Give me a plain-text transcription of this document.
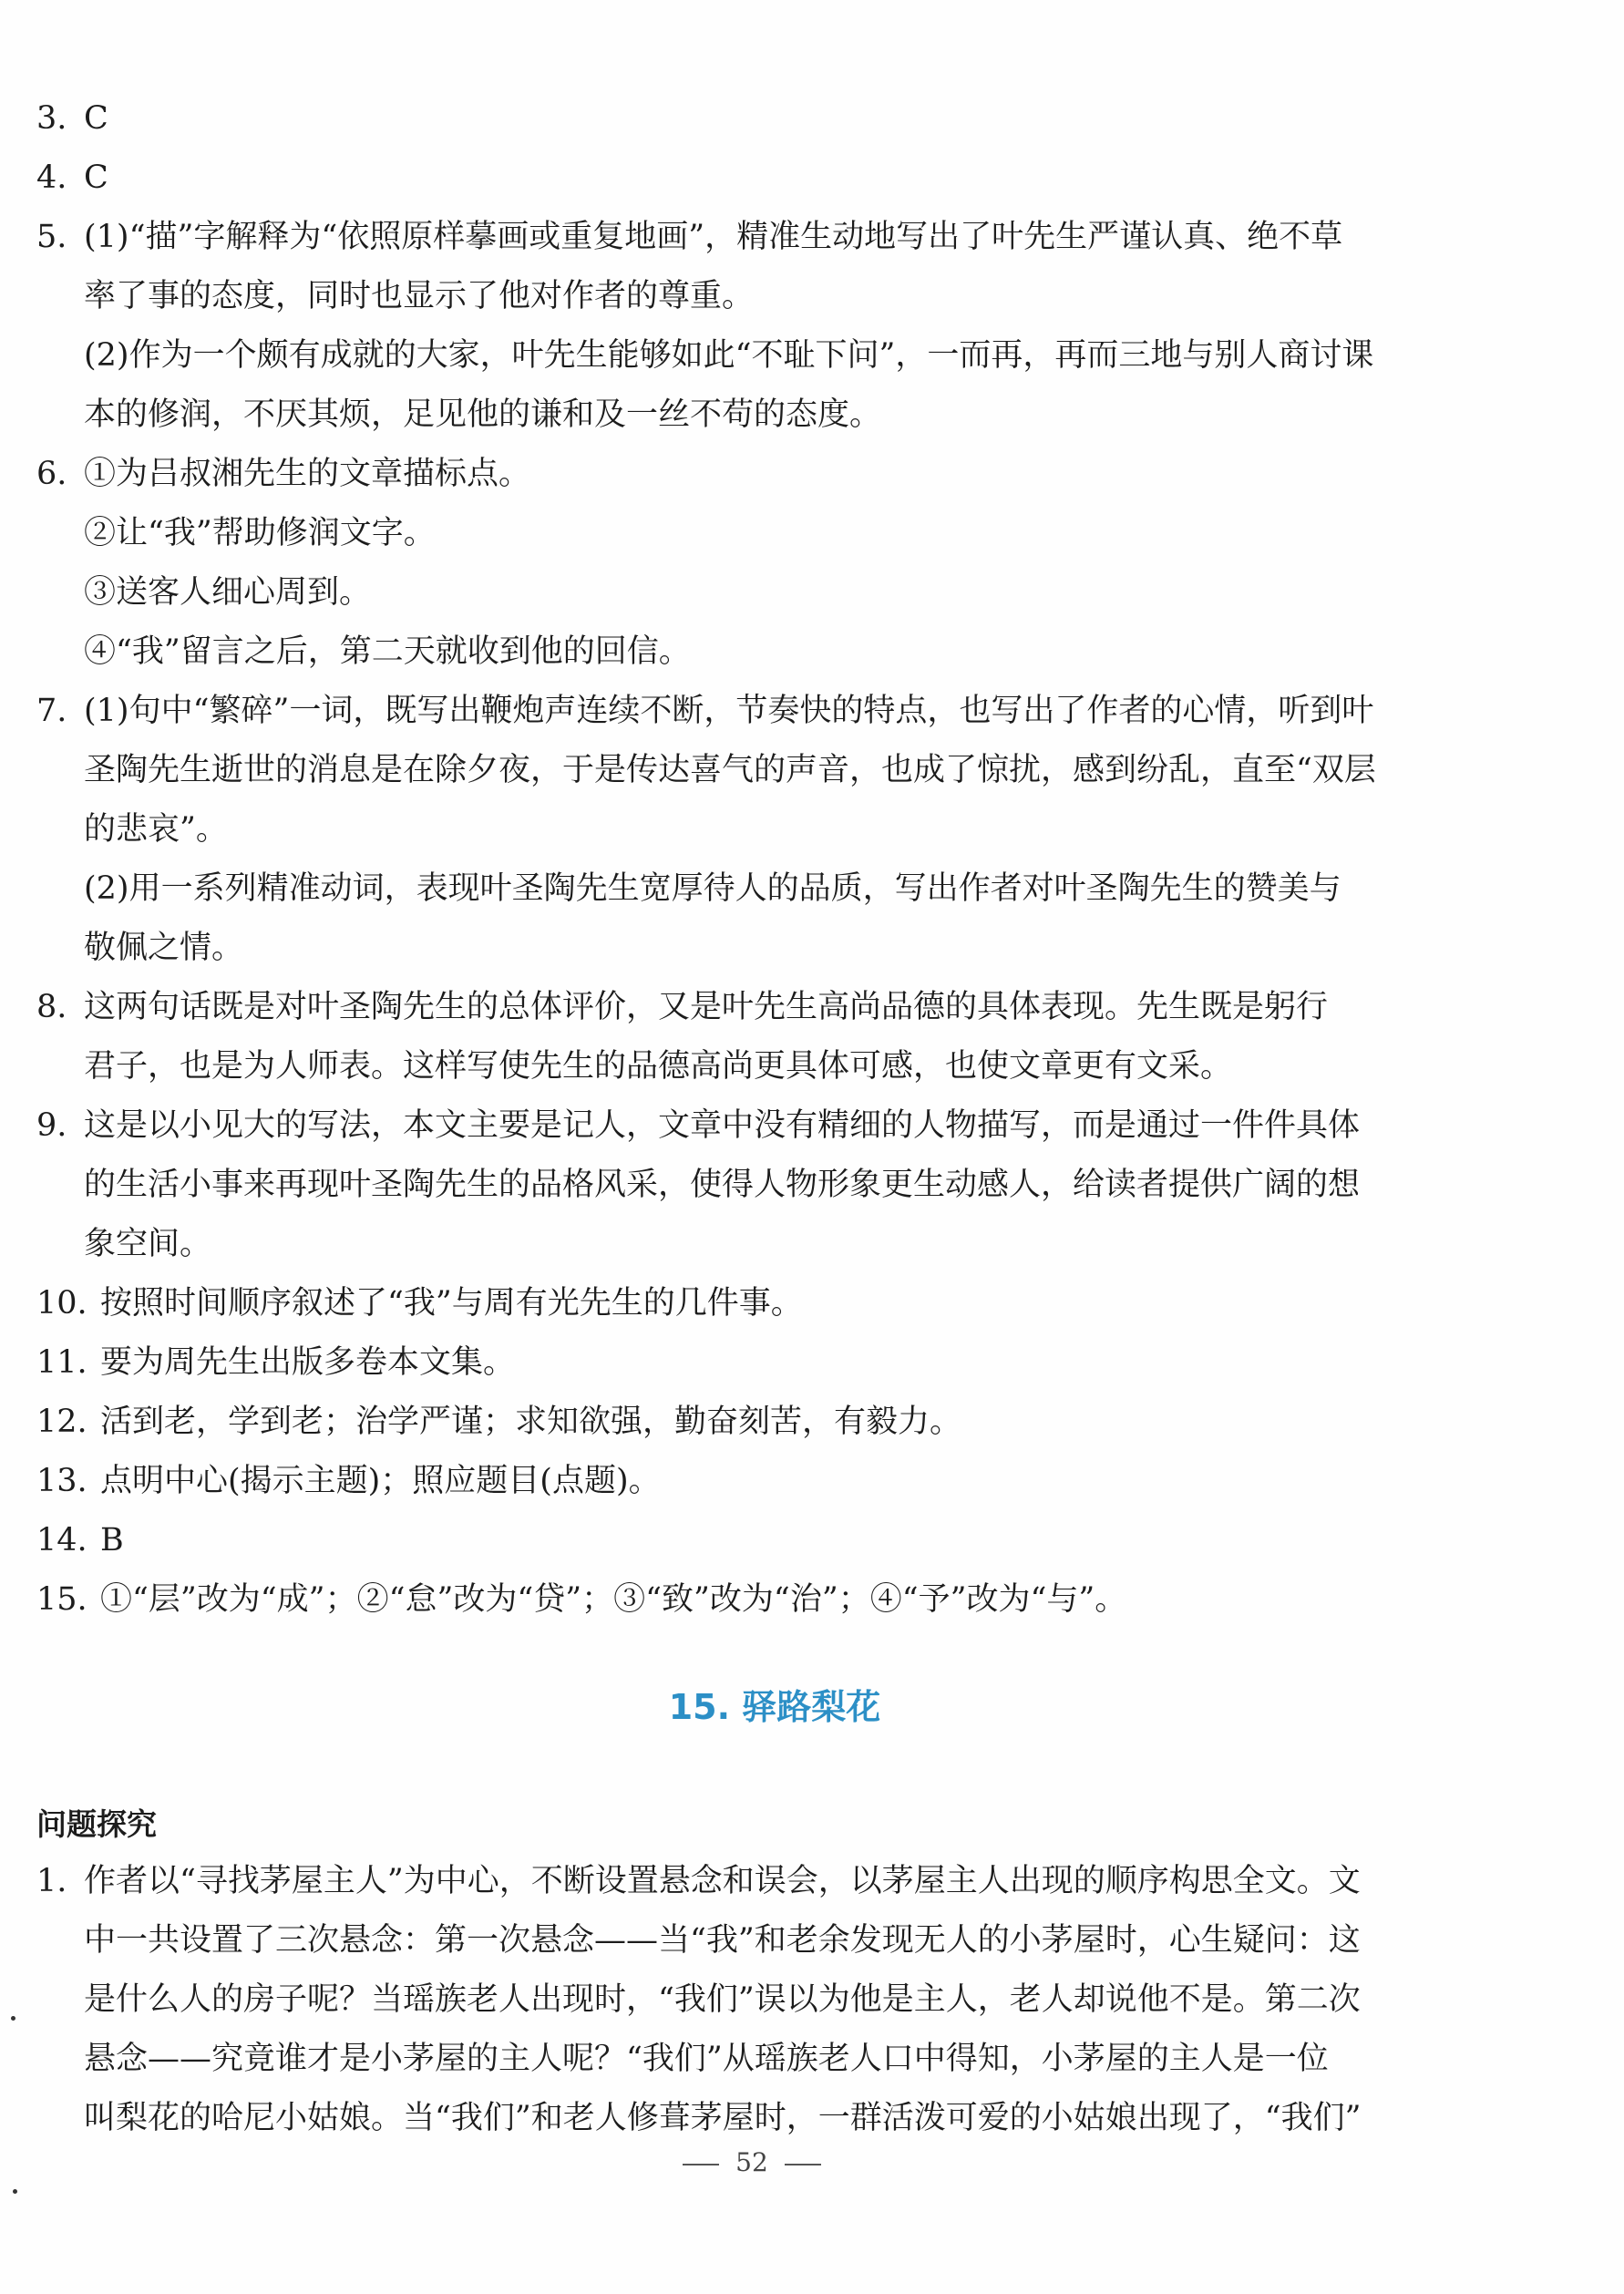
3. C
4. C
5. (1)“描”字解释为“依照原样摹画或重复地画”，精准生动地写出了叶先生严谨认真、绝不草
率了事的态度，同时也显示了他对作者的尊重。
(2)作为一个颇有成就的大家，叶先生能够如此“不耻下问”，一而再，再而三地与别人商讨课
本的修润，不厌其烦，足见他的谦和及一丝不苟的态度。
6. ①为吕叔湘先生的文章描标点。
②让“我”帮助修润文字。
③送客人细心周到。
④“我”留言之后，第二天就收到他的回信。
7. (1)句中“繁碎”一词，既写出鞭炮声连续不断，节奏快的特点，也写出了作者的心情，听到叶
圣陶先生逝世的消息是在除夕夜，于是传达喜气的声音，也成了惊扰，感到纷乱，直至“双层
的悲哀”。
(2)用一系列精准动词，表现叶圣陶先生宽厚待人的品质，写出作者对叶圣陶先生的赞美与
敬佩之情。
8. 这两句话既是对叶圣陶先生的总体评价，又是叶先生高尚品德的具体表现。先生既是躬行
君子，也是为人师表。这样写使先生的品德高尚更具体可感，也使文章更有文采。
9. 这是以小见大的写法，本文主要是记人，文章中没有精细的人物描写，而是通过一件件具体
的生活小事来再现叶圣陶先生的品格风采，使得人物形象更生动感人，给读者提供广阔的想
象空间。
10. 按照时间顺序叙述了“我”与周有光先生的几件事。
11. 要为周先生出版多卷本文集。
12. 活到老，学到老；治学严谨；求知欲强，勤奋刻苦，有毅力。
13. 点明中心(揭示主题)；照应题目(点题)。
14. B
15. ①“层”改为“成”；②“怠”改为“贷”；③“致”改为“治”；④“予”改为“与”。
15. 驿路梨花
问题探究
1. 作者以“寻找茅屋主人”为中心，不断设置悬念和误会，以茅屋主人出现的顺序构思全文。文
中一共设置了三次悬念：第一次悬念——当“我”和老余发现无人的小茅屋时，心生疑问：这
是什么人的房子呢？当瑶族老人出现时，“我们”误以为他是主人，老人却说他不是。第二次
悬念——究竟谁才是小茅屋的主人呢？“我们”从瑶族老人口中得知，小茅屋的主人是一位
叫梨花的哈尼小姑娘。当“我们”和老人修葺茅屋时，一群活泼可爱的小姑娘出现了，“我们”
52
